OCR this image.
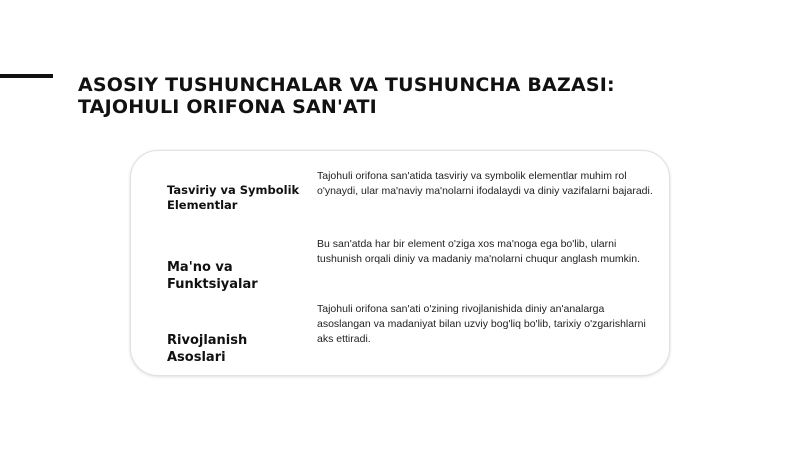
ASOSIY TUSHUNCHALAR VA TUSHUNCHA BAZASI:
TAJOHULI ORIFONA SAN'ATI
Tasviriy va Symbolik Elementlar
Tajohuli orifona san'atida tasviriy va symbolik elementlar muhim rol o'ynaydi, ular ma'naviy ma'nolarni ifodalaydi va diniy vazifalarni bajaradi.
Ma'no va Funktsiyalar
Bu san'atda har bir element o'ziga xos ma'noga ega bo'lib, ularni tushunish orqali diniy va madaniy ma'nolarni chuqur anglash mumkin.
Rivojlanish Asoslari
Tajohuli orifona san'ati o'zining rivojlanishida diniy an'analarga asoslangan va madaniyat bilan uzviy bog'liq bo'lib, tarixiy o'zgarishlarni aks ettiradi.
